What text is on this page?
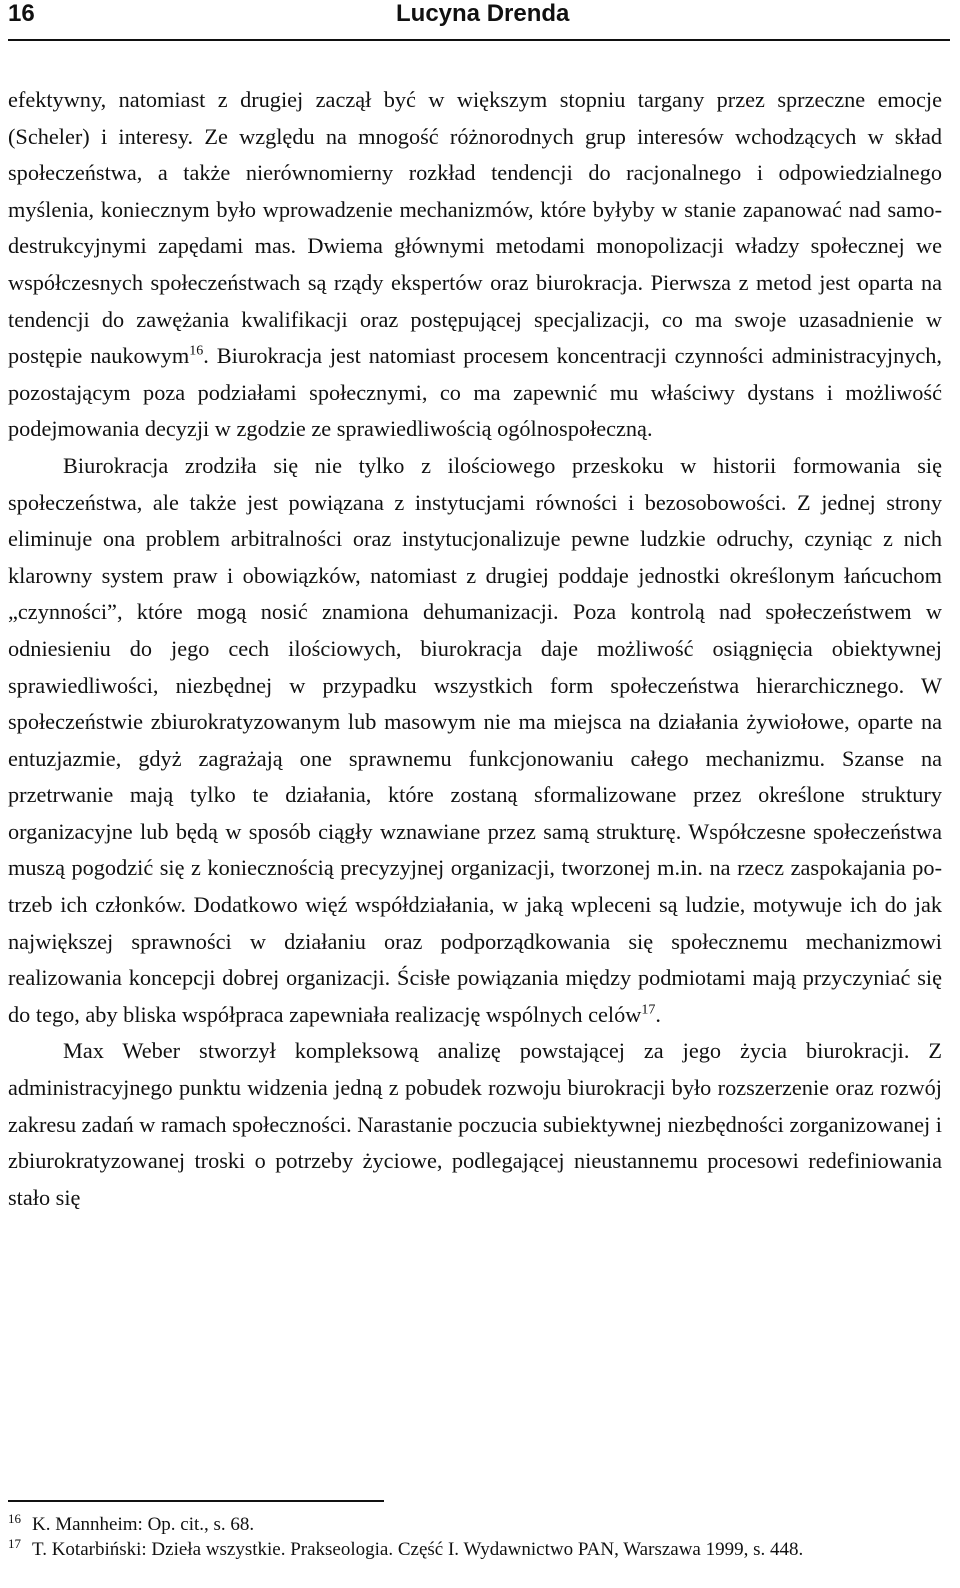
16	Lucyna Drenda

efektywny, natomiast z drugiej zaczął być w większym stopniu targany przez sprzeczne emocje (Scheler) i interesy. Ze względu na mnogość różnorodnych grup interesów wchodzących w skład społeczeństwa, a także nierównomierny rozkład tendencji do racjonalnego i odpowiedzialnego myślenia, koniecznym było wprowadzenie mechanizmów, które byłyby w stanie zapanować nad samodestrukcyjnymi zapędami mas. Dwiema głównymi metodami monopolizacji władzy społecznej we współczesnych społeczeństwach są rządy ekspertów oraz biurokracja. Pierwsza z metod jest oparta na tendencji do zawężania kwalifikacji oraz postępującej specjalizacji, co ma swoje uzasadnienie w postępie naukowym$^{16}$. Biurokracja jest natomiast procesem koncentracji czynności administracyjnych, pozostającym poza podziałami społecznymi, co ma zapewnić mu właściwy dystans i możliwość podejmowania decyzji w zgodzie ze sprawiedliwością ogólnospołeczną.

Biurokracja zrodziła się nie tylko z ilościowego przeskoku w historii formowania się społeczeństwa, ale także jest powiązana z instytucjami równości i bezosobowości. Z jednej strony eliminuje ona problem arbitralności oraz instytucjonalizuje pewne ludzkie odruchy, czyniąc z nich klarowny system praw i obowiązków, natomiast z drugiej poddaje jednostki określonym łańcuchom „czynności”, które mogą nosić znamiona dehumanizacji. Poza kontrolą nad społeczeństwem w odniesieniu do jego cech ilościowych, biurokracja daje możliwość osiągnięcia obiektywnej sprawiedliwości, niezbędnej w przypadku wszystkich form społeczeństwa hierarchicznego. W społeczeństwie zbiurokratyzowanym lub masowym nie ma miejsca na działania żywiołowe, oparte na entuzjazmie, gdyż zagrażają one sprawnemu funkcjonowaniu całego mechanizmu. Szanse na przetrwanie mają tylko te działania, które zostaną sformalizowane przez określone struktury organizacyjne lub będą w sposób ciągły wznawiane przez samą strukturę. Współczesne społeczeństwa muszą pogodzić się z koniecznością precyzyjnej organizacji, tworzonej m.in. na rzecz zaspokajania potrzeb ich członków. Dodatkowo więź współdziałania, w jaką wpleceni są ludzie, motywuje ich do jak największej sprawności w działaniu oraz podporządkowania się społecznemu mechanizmowi realizowania koncepcji dobrej organizacji. Ścisłe powiązania między podmiotami mają przyczyniać się do tego, aby bliska współpraca zapewniała realizację wspólnych celów$^{17}$.

Max Weber stworzył kompleksową analizę powstającej za jego życia biurokracji. Z administracyjnego punktu widzenia jedną z pobudek rozwoju biurokracji było rozszerzenie oraz rozwój zakresu zadań w ramach społeczności. Narastanie poczucia subiektywnej niezbędności zorganizowanej i zbiurokratyzowanej troski o potrzeby życiowe, podlegającej nieustannemu procesowi redefiniowania stało się

16 K. Mannheim: Op. cit., s. 68.
17 T. Kotarbiński: Dzieła wszystkie. Prakseologia. Część I. Wydawnictwo PAN, Warszawa 1999, s. 448.
